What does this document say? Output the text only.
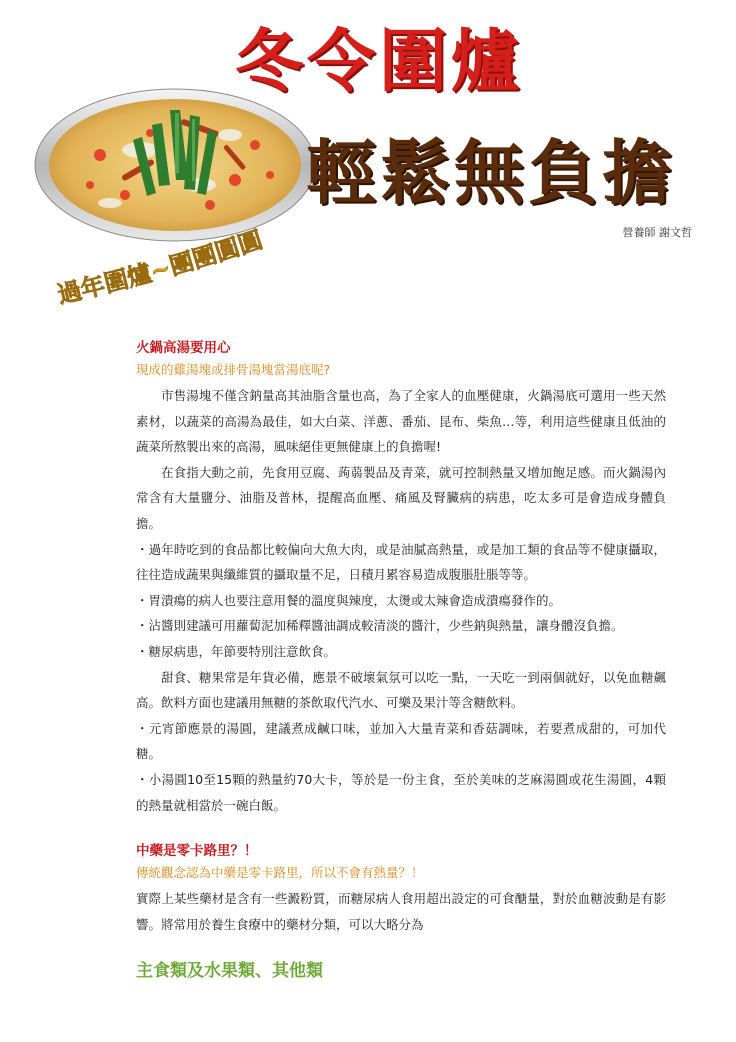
冬令圍爐
輕鬆無負擔
營養師 謝文哲
過年圍爐~團團圓圓

火鍋高湯要用心

現成的雞湯塊或排骨湯塊當湯底呢?

市售湯塊不僅含鈉量高其油脂含量也高，為了全家人的血壓健康，火鍋湯底可選用一些天然素材，以蔬菜的高湯為最佳，如大白菜、洋蔥、番茄、昆布、柴魚…等，利用這些健康且低油的蔬菜所熬製出來的高湯，風味絕佳更無健康上的負擔喔!

在食指大動之前，先食用豆腐、蒟蒻製品及青菜，就可控制熱量又增加飽足感。而火鍋湯內常含有大量鹽分、油脂及普林，提醒高血壓、痛風及腎臟病的病患，吃太多可是會造成身體負擔。

・過年時吃到的食品都比較偏向大魚大肉，或是油膩高熱量，或是加工類的食品等不健康攝取，往往造成蔬果與纖維質的攝取量不足，日積月累容易造成腹脹肚脹等等。

・胃潰瘍的病人也要注意用餐的溫度與辣度，太燙或太辣會造成潰瘍發作的。

・沾醬則建議可用蘿蔔泥加稀釋醬油調成較清淡的醬汁，少些鈉與熱量，讓身體沒負擔。

・糖尿病患，年節要特別注意飲食。

甜食、糖果常是年貨必備，應景不破壞氣氛可以吃一點，一天吃一到兩個就好，以免血糖飆高。飲料方面也建議用無糖的茶飲取代汽水、可樂及果汁等含糖飲料。

・元宵節應景的湯圓，建議煮成鹹口味，並加入大量青菜和香菇調味，若要煮成甜的，可加代糖。

・小湯圓10至15顆的熱量約70大卡，等於是一份主食，至於美味的芝麻湯圓或花生湯圓，4顆的熱量就相當於一碗白飯。

中藥是零卡路里？！

傳統觀念認為中藥是零卡路里，所以不會有熱量？！

實際上某些藥材是含有一些澱粉質，而糖尿病人食用超出設定的可食醣量，對於血糖波動是有影響。將常用於養生食療中的藥材分類，可以大略分為

主食類及水果類、其他類
